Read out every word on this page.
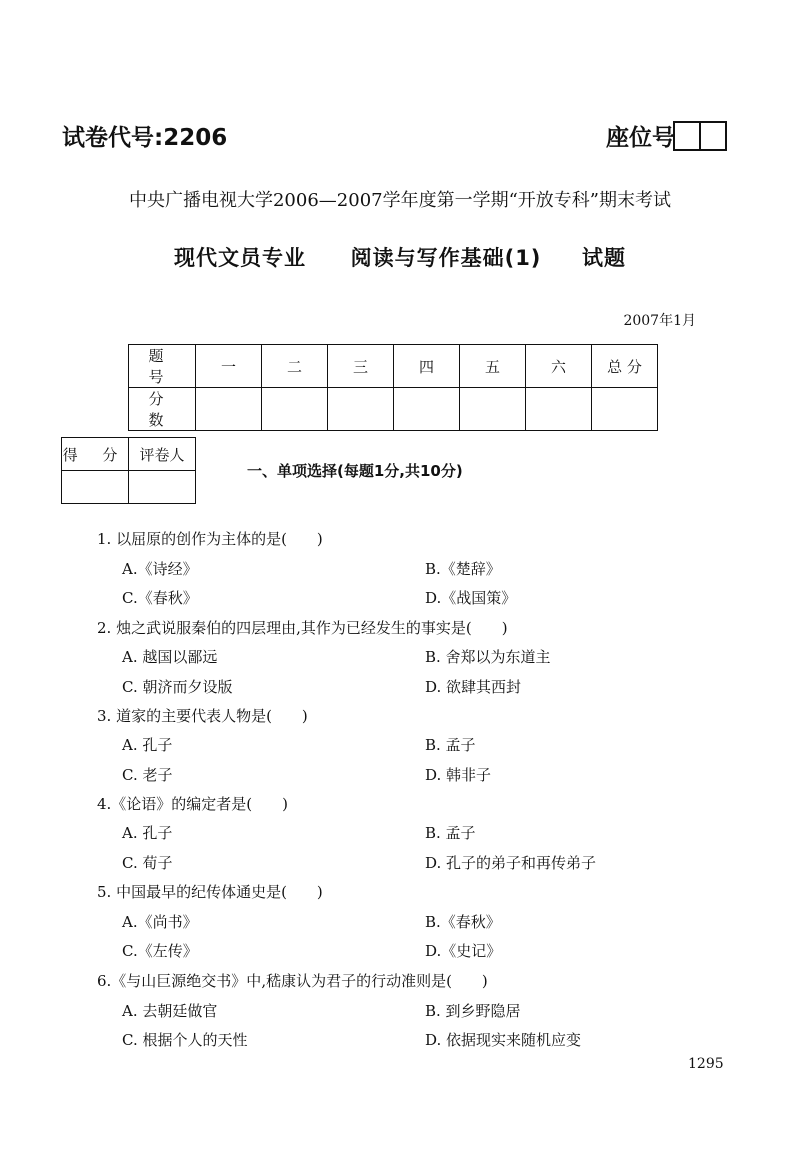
试卷代号:2206	座位号
中央广播电视大学2006—2007学年度第一学期“开放专科”期末考试
现代文员专业 阅读与写作基础(1) 试题
2007年1月
题 号	一	二	三	四	五	六	总 分
分 数							
得 分	评卷人

一、单项选择(每题1分,共10分)
1. 以屈原的创作为主体的是(　　)
A.《诗经》	B.《楚辞》
C.《春秋》	D.《战国策》
2. 烛之武说服秦伯的四层理由,其作为已经发生的事实是(　　)
A. 越国以鄙远	B. 舍郑以为东道主
C. 朝济而夕设版	D. 欲肆其西封
3. 道家的主要代表人物是(　　)
A. 孔子	B. 孟子
C. 老子	D. 韩非子
4.《论语》的编定者是(　　)
A. 孔子	B. 孟子
C. 荀子	D. 孔子的弟子和再传弟子
5. 中国最早的纪传体通史是(　　)
A.《尚书》	B.《春秋》
C.《左传》	D.《史记》
6.《与山巨源绝交书》中,嵇康认为君子的行动准则是(　　)
A. 去朝廷做官	B. 到乡野隐居
C. 根据个人的天性	D. 依据现实来随机应变
1295
